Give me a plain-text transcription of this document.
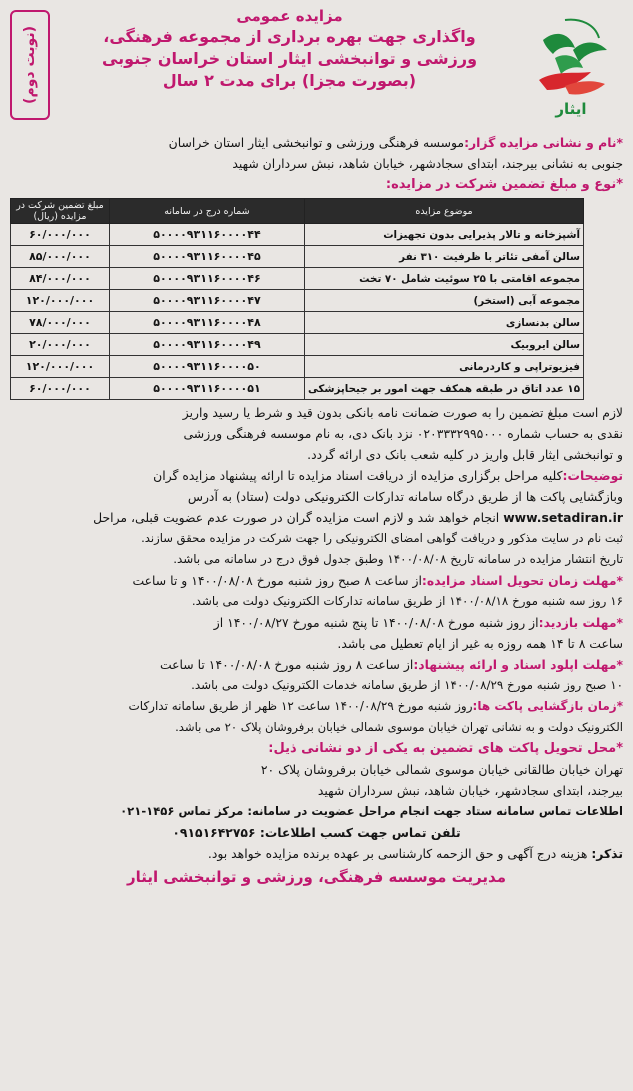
ایثار
(نوبت دوم)
مزایده عمومی
واگذاری جهت بهره برداری از مجموعه فرهنگی،
ورزشی و توانبخشی ایثار استان خراسان جنوبی
(بصورت مجزا) برای مدت ۲ سال

*نام و نشانی مزایده گزار:موسسه فرهنگی ورزشی و توانبخشی ایثار استان خراسان

جنوبی به نشانی بیرجند، ابتدای سجادشهر، خیابان شاهد، نبش سرداران شهید

*نوع و مبلغ تضمین شرکت در مزایده:

موضوع مزایده	شماره درج در سامانه	مبلغ تضمین شرکت در مزایده (ریال)
آشپزخانه و تالار پذیرایی بدون تجهیزات	۵۰۰۰۰۹۳۱۱۶۰۰۰۰۴۴	۶۰/۰۰۰/۰۰۰
سالن آمفی تئاتر با ظرفیت ۳۱۰ نفر	۵۰۰۰۰۹۳۱۱۶۰۰۰۰۴۵	۸۵/۰۰۰/۰۰۰
مجموعه اقامتی با ۲۵ سوئیت شامل ۷۰ تخت	۵۰۰۰۰۹۳۱۱۶۰۰۰۰۴۶	۸۴/۰۰۰/۰۰۰
مجموعه آبی (استخر)	۵۰۰۰۰۹۳۱۱۶۰۰۰۰۴۷	۱۲۰/۰۰۰/۰۰۰
سالن بدنسازی	۵۰۰۰۰۹۳۱۱۶۰۰۰۰۴۸	۷۸/۰۰۰/۰۰۰
سالن ایروبیک	۵۰۰۰۰۹۳۱۱۶۰۰۰۰۴۹	۲۰/۰۰۰/۰۰۰
فیزیوتراپی و کاردرمانی	۵۰۰۰۰۹۳۱۱۶۰۰۰۰۵۰	۱۲۰/۰۰۰/۰۰۰
۱۵ عدد اتاق در طبقه همکف جهت امور بر جیحاپزشکی	۵۰۰۰۰۹۳۱۱۶۰۰۰۰۵۱	۶۰/۰۰۰/۰۰۰

لازم است مبلغ تضمین را به صورت ضمانت نامه بانکی بدون قید و شرط یا رسید واریز

نقدی به حساب شماره ۰۲۰۳۳۳۲۹۹۵۰۰۰ نزد بانک دی، به نام موسسه فرهنگی ورزشی

و توانبخشی ایثار قابل واریز در کلیه شعب بانک دی ارائه گردد.

توضیحات:کلیه مراحل برگزاری مزایده از دریافت اسناد مزایده تا ارائه پیشنهاد مزایده گران

وبازگشایی پاکت ها از طریق درگاه سامانه تدارکات الکترونیکی دولت (ستاد) به آدرس

www.setadiran.ir انجام خواهد شد و لازم است مزایده گران در صورت عدم عضویت قبلی، مراحل

ثبت نام در سایت مذکور و دریافت گواهی امضای الکترونیکی را جهت شرکت در مزایده محقق سازند.

تاریخ انتشار مزایده در سامانه تاریخ ۱۴۰۰/۰۸/۰۸ وطبق جدول فوق درج در سامانه می باشد.

*مهلت زمان تحویل اسناد مزایده:از ساعت ۸ صبح روز شنبه مورخ ۱۴۰۰/۰۸/۰۸ و تا ساعت

۱۶ روز سه شنبه مورخ ۱۴۰۰/۰۸/۱۸ از طریق سامانه تدارکات الکترونیک دولت می باشد.

*مهلت بازدید:از روز شنبه مورخ ۱۴۰۰/۰۸/۰۸ تا پنج شنبه مورخ ۱۴۰۰/۰۸/۲۷ از

ساعت ۸ تا ۱۴ همه روزه به غیر از ایام تعطیل می باشد.

*مهلت اپلود اسناد و ارائه پیشنهاد:از ساعت ۸ روز شنبه مورخ ۱۴۰۰/۰۸/۰۸ تا ساعت

۱۰ صبح روز شنبه مورخ ۱۴۰۰/۰۸/۲۹ از طریق سامانه خدمات الکترونیک دولت می باشد.

*زمان بازگشایی پاکت ها:روز شنبه مورخ ۱۴۰۰/۰۸/۲۹ ساعت ۱۲ ظهر از طریق سامانه تدارکات

الکترونیک دولت و به نشانی تهران خیابان موسوی شمالی خیابان برفروشان پلاک ۲۰ می باشد.

*محل تحویل پاکت های تضمین به یکی از دو نشانی ذیل:

تهران خیابان طالقانی خیابان موسوی شمالی خیابان برفروشان پلاک ۲۰

بیرجند، ابتدای سجادشهر، خیابان شاهد، نبش سرداران شهید

اطلاعات تماس سامانه ستاد جهت انجام مراحل عضویت در سامانه: مرکز تماس ۱۴۵۶-۰۲۱

تلفن تماس جهت کسب اطلاعات: ۰۹۱۵۱۶۴۲۷۵۶

تذکر: هزینه درج آگهی و حق الزحمه کارشناسی بر عهده برنده مزایده خواهد بود.

مدیریت موسسه فرهنگی، ورزشی و توانبخشی ایثار
